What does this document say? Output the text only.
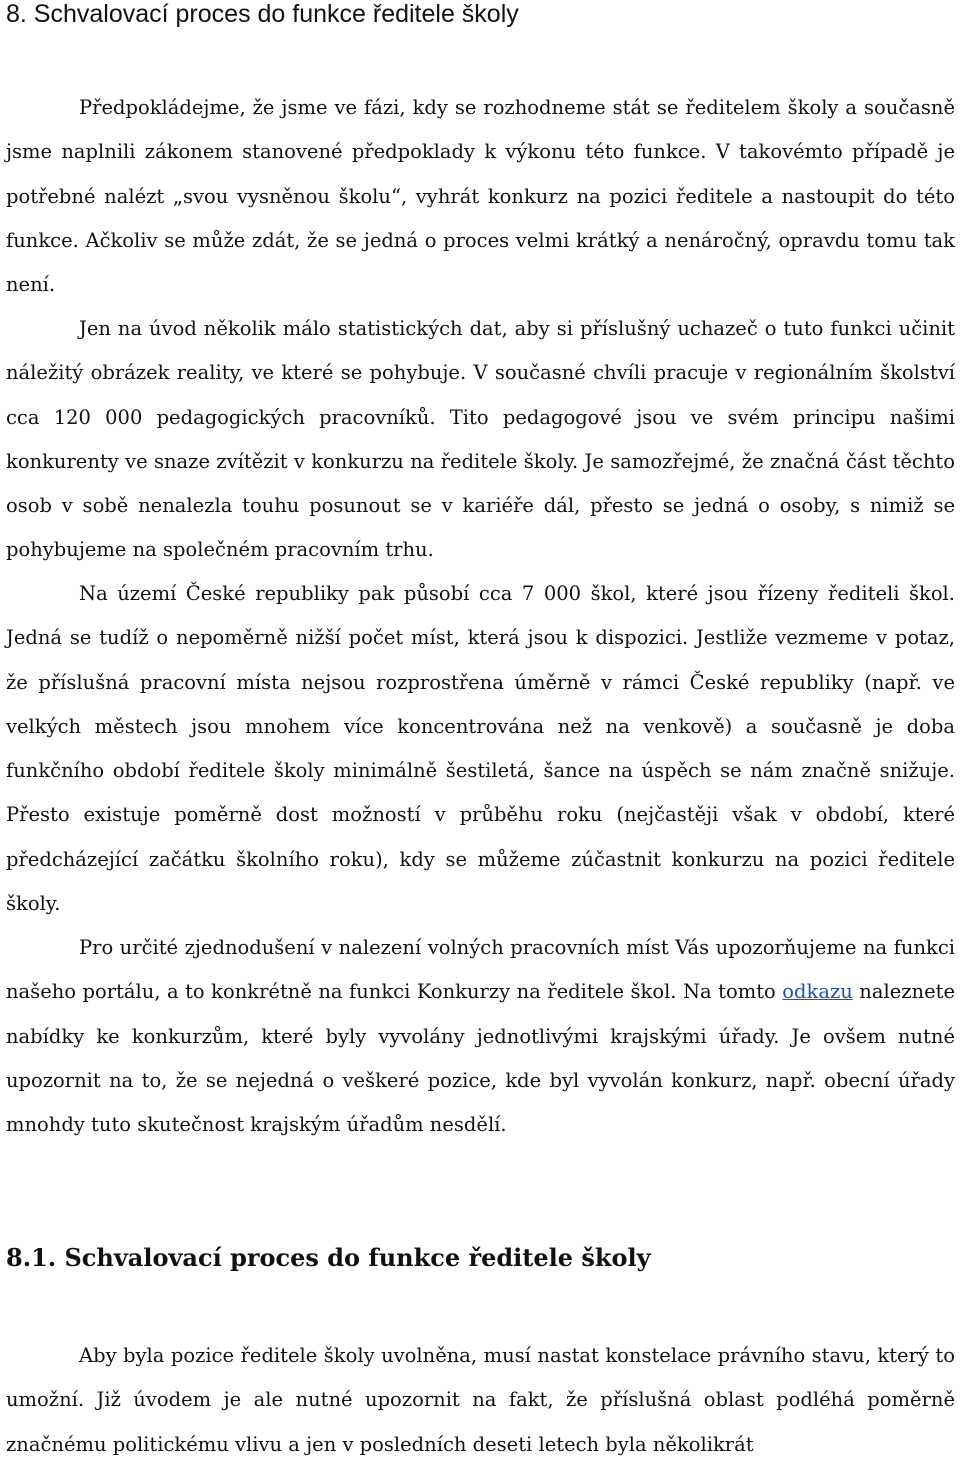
8. Schvalovací proces do funkce ředitele školy

Předpokládejme, že jsme ve fázi, kdy se rozhodneme stát se ředitelem školy a současně jsme naplnili zákonem stanovené předpoklady k výkonu této funkce. V takovémto případě je potřebné nalézt „svou vysněnou školu“, vyhrát konkurz na pozici ředitele a nastoupit do této funkce. Ačkoliv se může zdát, že se jedná o proces velmi krátký a nenáročný, opravdu tomu tak není.

Jen na úvod několik málo statistických dat, aby si příslušný uchazeč o tuto funkci učinit náležitý obrázek reality, ve které se pohybuje. V současné chvíli pracuje v regionálním školství cca 120 000 pedagogických pracovníků. Tito pedagogové jsou ve svém principu našimi konkurenty ve snaze zvítězit v konkurzu na ředitele školy. Je samozřejmé, že značná část těchto osob v sobě nenalezla touhu posunout se v kariéře dál, přesto se jedná o osoby, s nimiž se pohybujeme na společném pracovním trhu.

Na území České republiky pak působí cca 7 000 škol, které jsou řízeny řediteli škol. Jedná se tudíž o nepoměrně nižší počet míst, která jsou k dispozici. Jestliže vezmeme v potaz, že příslušná pracovní místa nejsou rozprostřena úměrně v rámci České republiky (např. ve velkých městech jsou mnohem více koncentrována než na venkově) a současně je doba funkčního období ředitele školy minimálně šestiletá, šance na úspěch se nám značně snižuje. Přesto existuje poměrně dost možností v průběhu roku (nejčastěji však v období, které předcházející začátku školního roku), kdy se můžeme zúčastnit konkurzu na pozici ředitele školy.

Pro určité zjednodušení v nalezení volných pracovních míst Vás upozorňujeme na funkci našeho portálu, a to konkrétně na funkci Konkurzy na ředitele škol. Na tomto odkazu naleznete nabídky ke konkurzům, které byly vyvolány jednotlivými krajskými úřady. Je ovšem nutné upozornit na to, že se nejedná o veškeré pozice, kde byl vyvolán konkurz, např. obecní úřady mnohdy tuto skutečnost krajským úřadům nesdělí.

8.1. Schvalovací proces do funkce ředitele školy

Aby byla pozice ředitele školy uvolněna, musí nastat konstelace právního stavu, který to umožní. Již úvodem je ale nutné upozornit na fakt, že příslušná oblast podléhá poměrně značnému politickému vlivu a jen v posledních deseti letech byla několikrát
